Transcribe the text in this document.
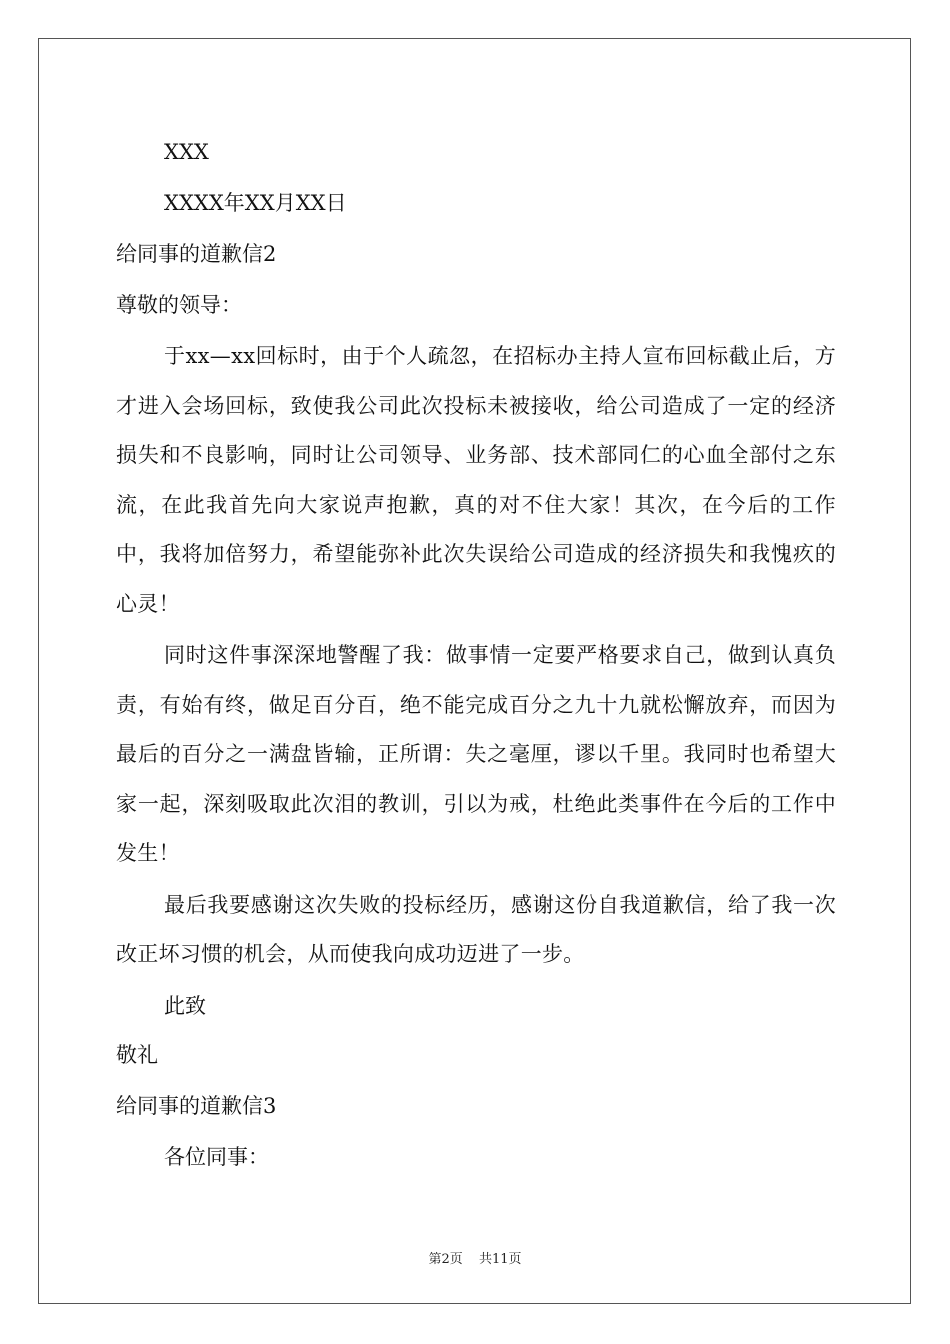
XXX

XXXX年XX月XX日

给同事的道歉信2

尊敬的领导：

于xx—xx回标时，由于个人疏忽，在招标办主持人宣布回标截止后，方才进入会场回标，致使我公司此次投标未被接收，给公司造成了一定的经济损失和不良影响，同时让公司领导、业务部、技术部同仁的心血全部付之东流，在此我首先向大家说声抱歉，真的对不住大家！其次，在今后的工作中，我将加倍努力，希望能弥补此次失误给公司造成的经济损失和我愧疚的心灵！

同时这件事深深地警醒了我：做事情一定要严格要求自己，做到认真负责，有始有终，做足百分百，绝不能完成百分之九十九就松懈放弃，而因为最后的百分之一满盘皆输，正所谓：失之毫厘，谬以千里。我同时也希望大家一起，深刻吸取此次泪的教训，引以为戒，杜绝此类事件在今后的工作中发生！

最后我要感谢这次失败的投标经历，感谢这份自我道歉信，给了我一次改正坏习惯的机会，从而使我向成功迈进了一步。

此致

敬礼

给同事的道歉信3

各位同事：

第2页 共11页
